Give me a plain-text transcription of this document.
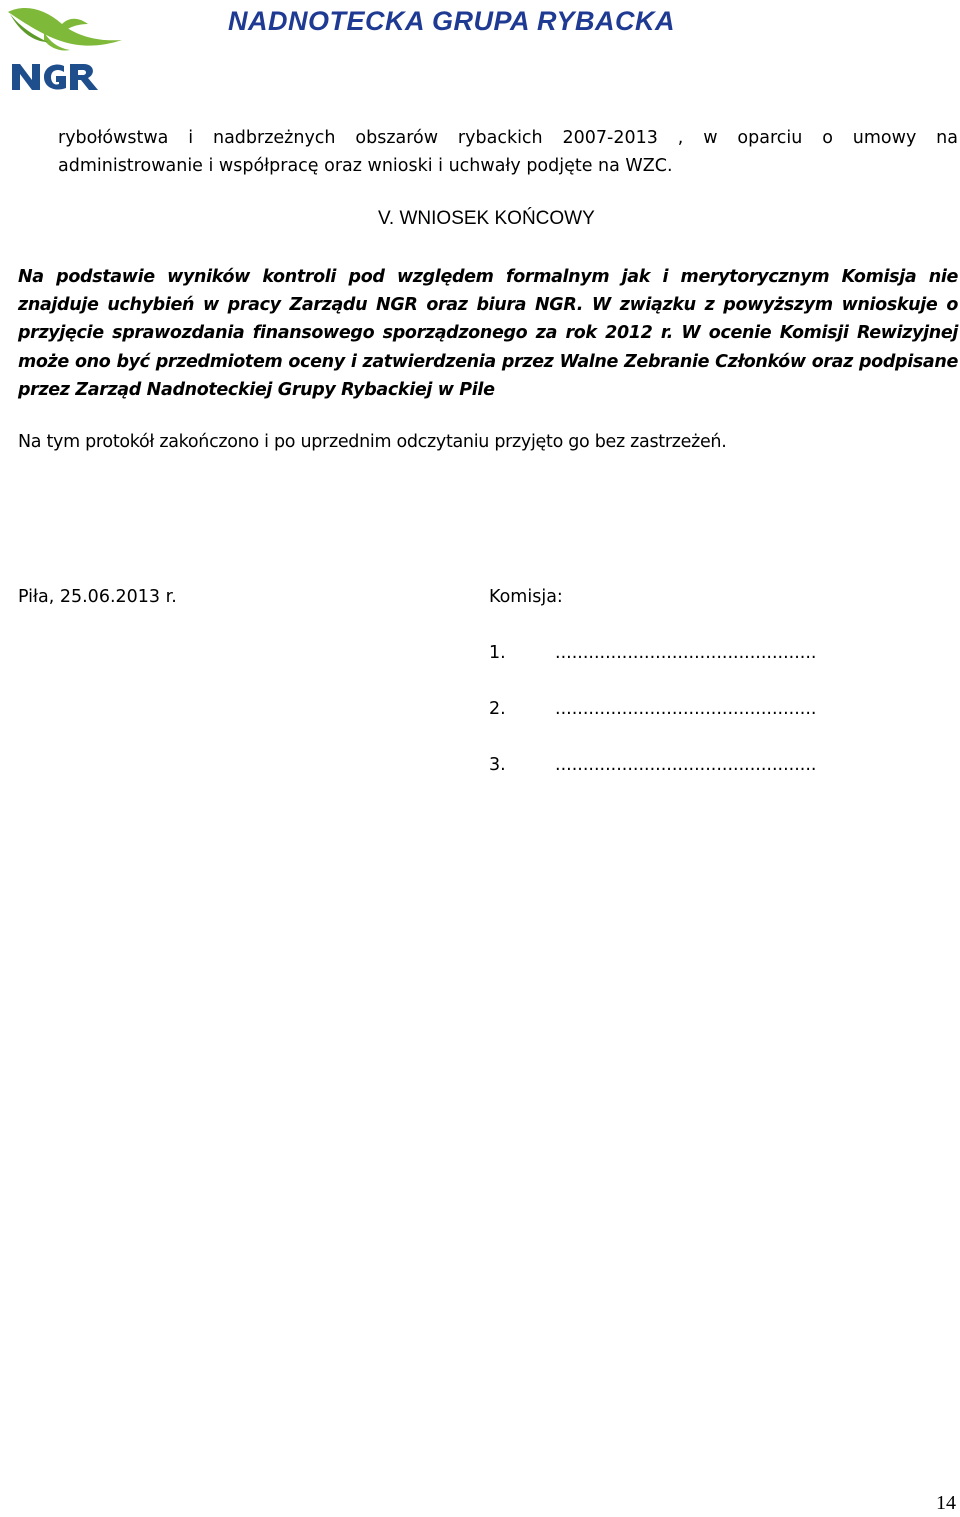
NADNOTECKA GRUPA RYBACKA
rybołówstwa i nadbrzeżnych obszarów rybackich 2007-2013 , w oparciu o umowy na
administrowanie i współpracę oraz wnioski i uchwały podjęte na WZC.
V. WNIOSEK KOŃCOWY
Na podstawie wyników kontroli pod względem formalnym jak i merytorycznym Komisja nie znajduje uchybień w pracy Zarządu NGR oraz biura NGR. W związku z powyższym wnioskuje o przyjęcie sprawozdania finansowego sporządzonego za rok 2012 r. W ocenie Komisji Rewizyjnej może ono być przedmiotem oceny i zatwierdzenia przez Walne Zebranie Członków oraz podpisane przez Zarząd Nadnoteckiej Grupy Rybackiej w Pile
Na tym protokół zakończono i po uprzednim odczytaniu przyjęto go bez zastrzeżeń.
Piła, 25.06.2013 r.	Komisja:
1.	...............................................
2.	...............................................
3.	...............................................
14
